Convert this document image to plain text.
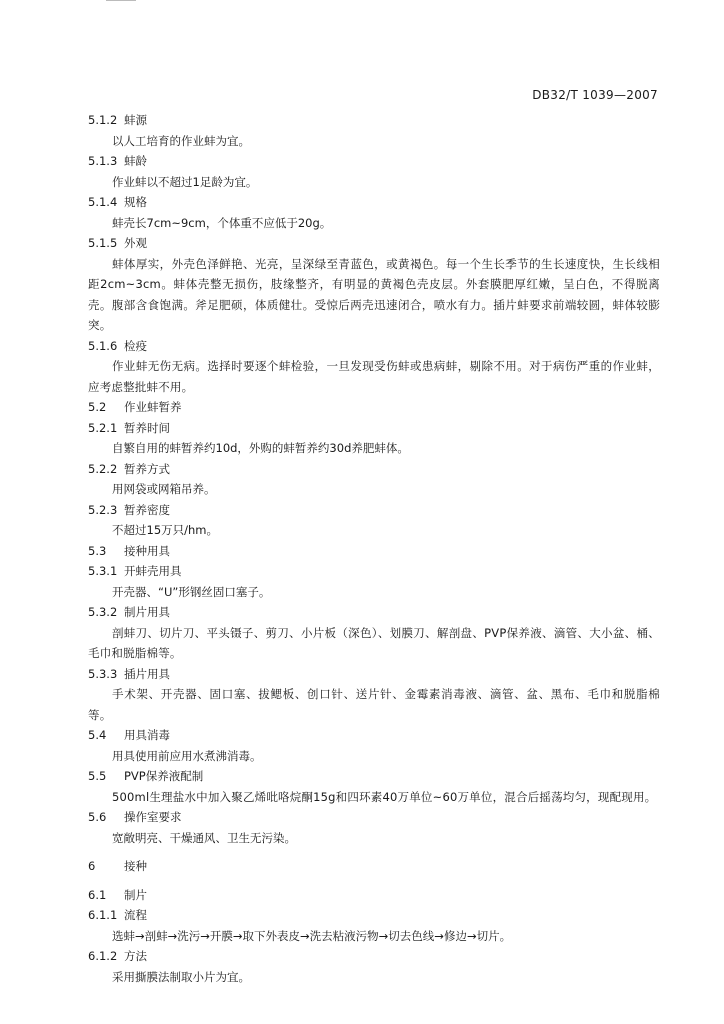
DB32/T 1039—2007
5.1.2 蚌源
以人工培育的作业蚌为宜。
5.1.3 蚌龄
作业蚌以不超过1足龄为宜。
5.1.4 规格
蚌壳长7cm~9cm，个体重不应低于20g。
5.1.5 外观
蚌体厚实，外壳色泽鲜艳、光亮，呈深绿至青蓝色，或黄褐色。每一个生长季节的生长速度快，生长线相距2cm~3cm。蚌体壳整无损伤，肢缘整齐，有明显的黄褐色壳皮层。外套膜肥厚红嫩，呈白色，不得脱离壳。腹部含食饱满。斧足肥硕，体质健壮。受惊后两壳迅速闭合，喷水有力。插片蚌要求前端较圆，蚌体较膨突。
5.1.6 检疫
作业蚌无伤无病。选择时要逐个蚌检验，一旦发现受伤蚌或患病蚌，剔除不用。对于病伤严重的作业蚌，应考虑整批蚌不用。
5.2 作业蚌暂养
5.2.1 暂养时间
自繁自用的蚌暂养约10d，外购的蚌暂养约30d养肥蚌体。
5.2.2 暂养方式
用网袋或网箱吊养。
5.2.3 暂养密度
不超过15万只/hm。
5.3 接种用具
5.3.1 开蚌壳用具
开壳器、“U”形钢丝固口塞子。
5.3.2 制片用具
剖蚌刀、切片刀、平头镊子、剪刀、小片板（深色）、划膜刀、解剖盘、PVP保养液、滴管、大小盆、桶、毛巾和脱脂棉等。
5.3.3 插片用具
手术架、开壳器、固口塞、拔鳃板、创口针、送片针、金霉素消毒液、滴管、盆、黑布、毛巾和脱脂棉等。
5.4 用具消毒
用具使用前应用水煮沸消毒。
5.5 PVP保养液配制
500ml生理盐水中加入聚乙烯吡咯烷酮15g和四环素40万单位~60万单位，混合后摇荡均匀，现配现用。
5.6 操作室要求
宽敞明亮、干燥通风、卫生无污染。
6 接种
6.1 制片
6.1.1 流程
选蚌→剖蚌→洗污→开膜→取下外表皮→洗去粘液污物→切去色线→修边→切片。
6.1.2 方法
采用撕膜法制取小片为宜。
